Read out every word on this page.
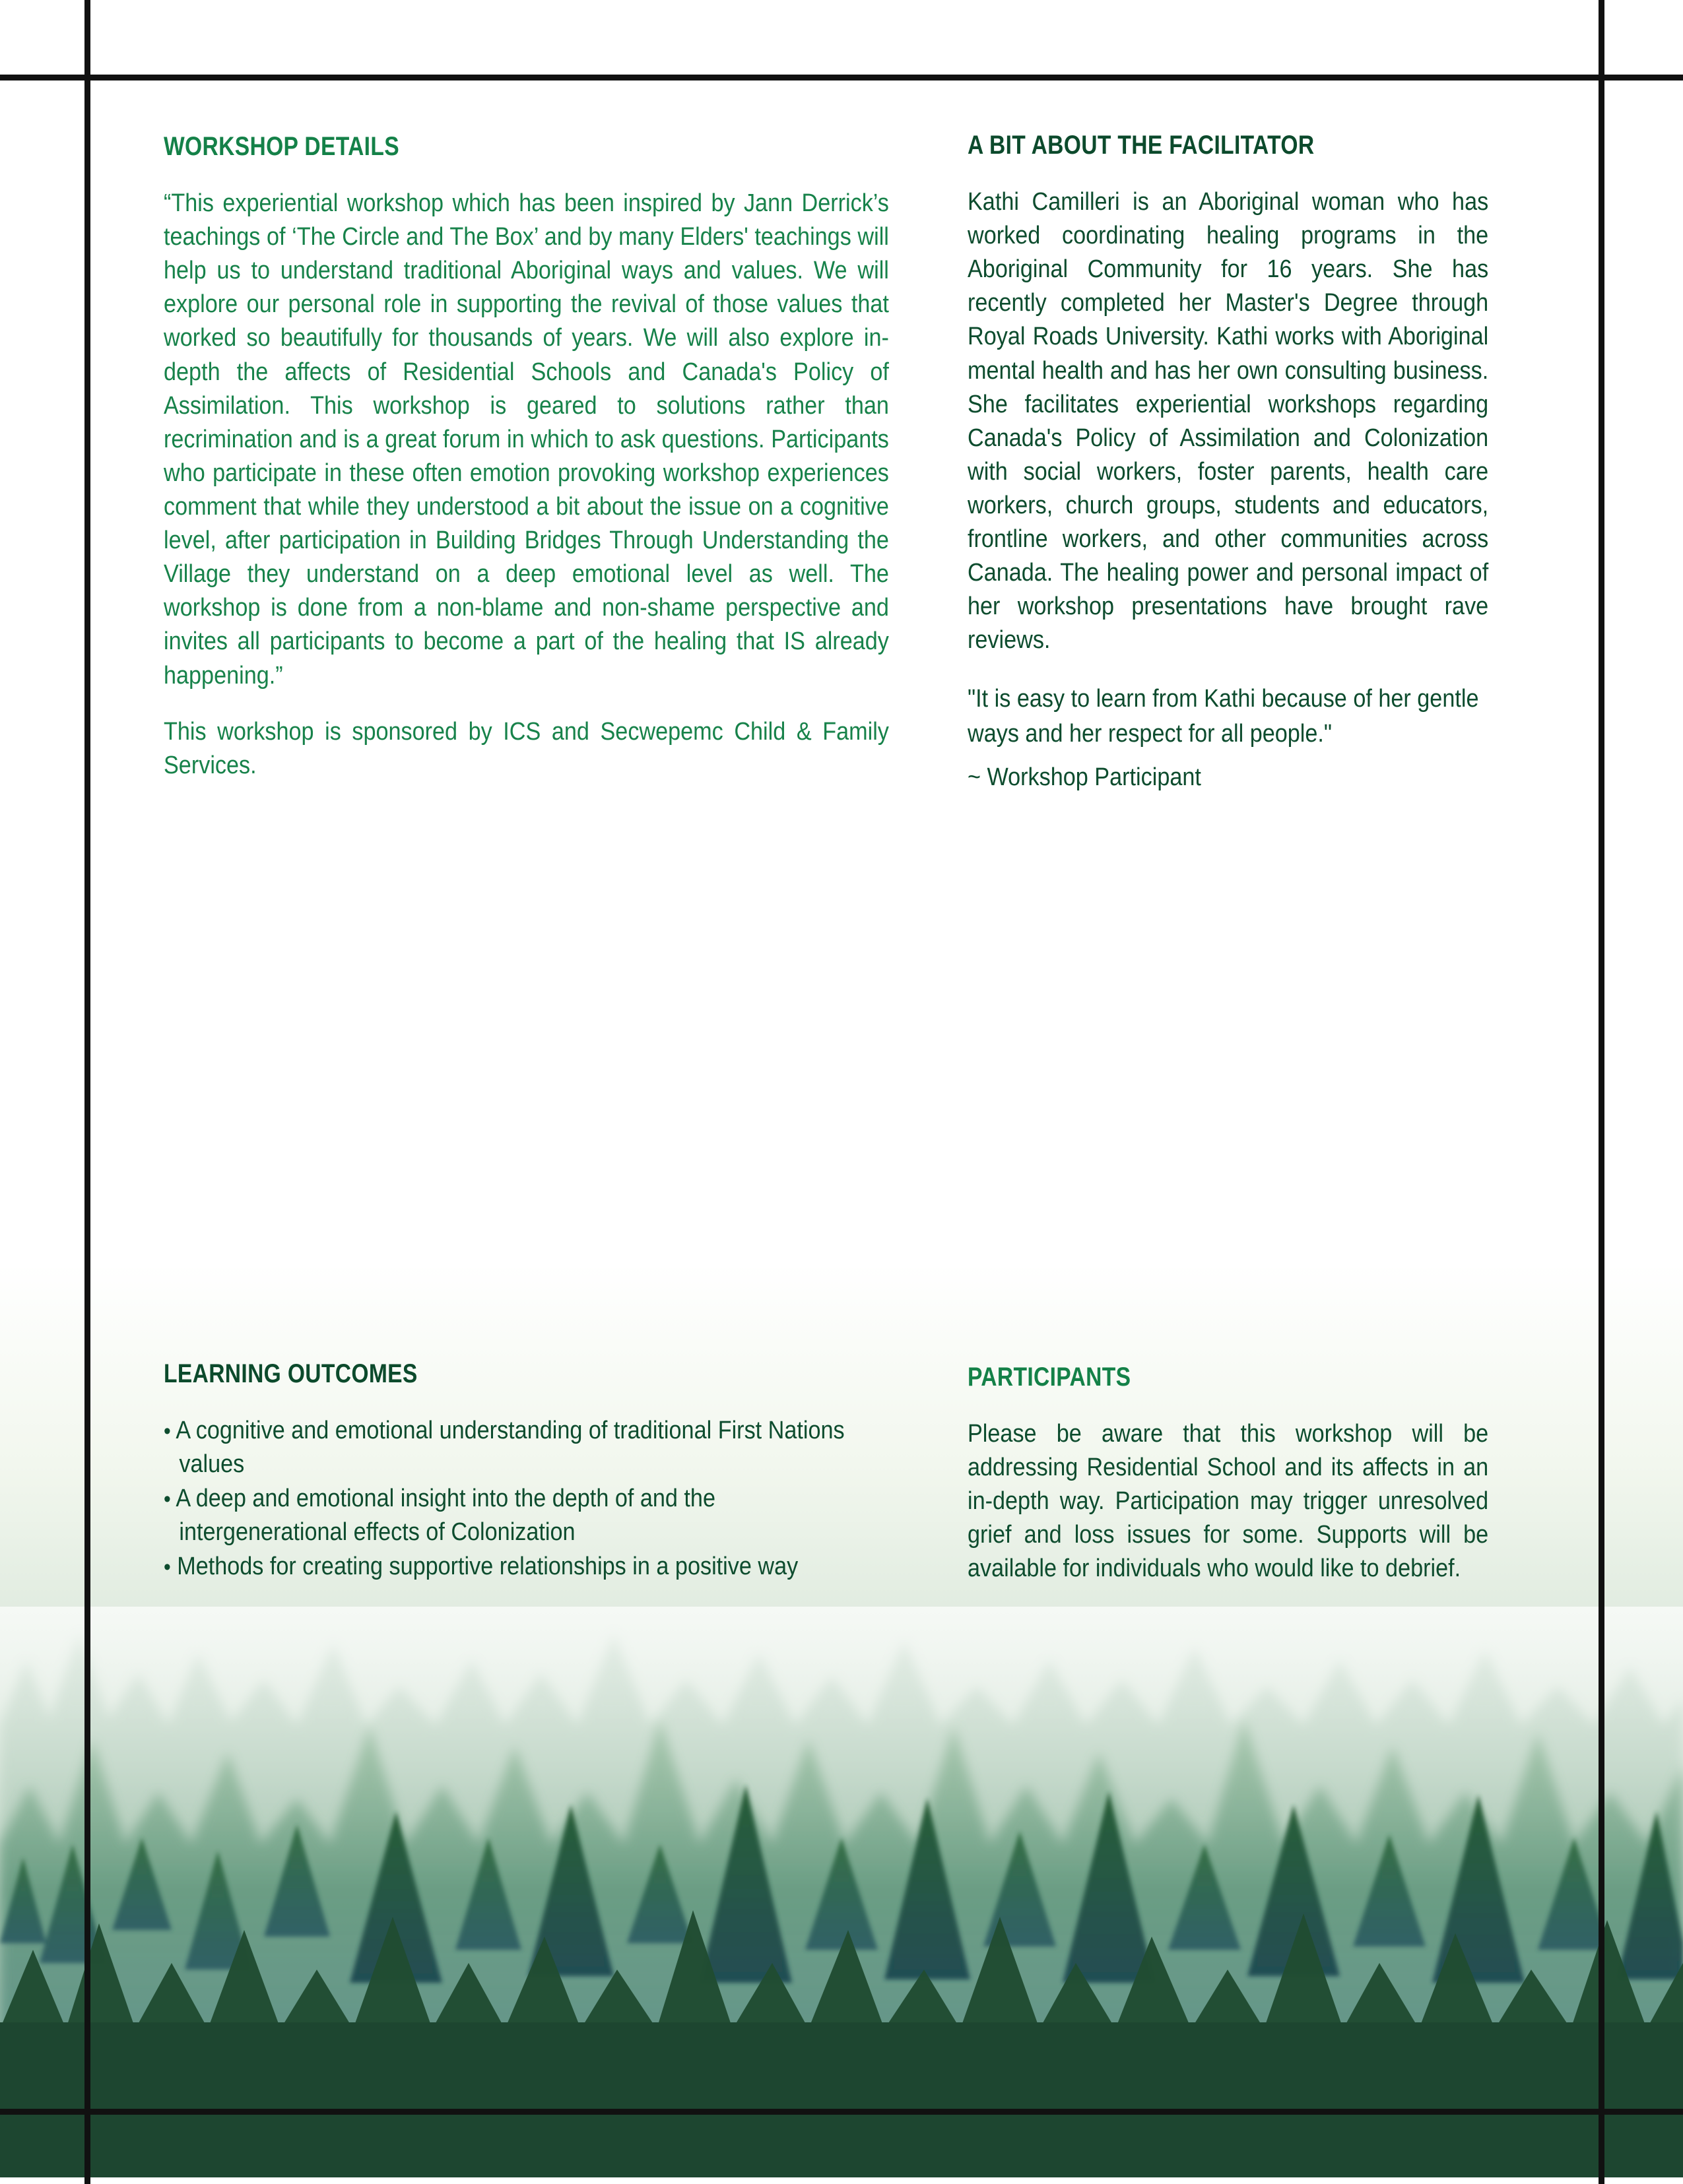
WORKSHOP DETAILS

“This experiential workshop which has been inspired by Jann Derrick’s teachings of ‘The Circle and The Box’ and by many Elders' teachings will help us to understand traditional Aboriginal ways and values. We will explore our personal role in supporting the revival of those values that worked so beautifully for thousands of years. We will also explore in-depth the affects of Residential Schools and Canada's Policy of Assimilation. This workshop is geared to solutions rather than recrimination and is a great forum in which to ask questions. Participants who participate in these often emotion provoking workshop experiences comment that while they understood a bit about the issue on a cognitive level, after participation in Building Bridges Through Understanding the Village they understand on a deep emotional level as well. The workshop is done from a non-blame and non-shame perspective and invites all participants to become a part of the healing that IS already happening.”

This workshop is sponsored by ICS and Secwepemc Child & Family Services.

A BIT ABOUT THE FACILITATOR

Kathi Camilleri is an Aboriginal woman who has worked coordinating healing programs in the Aboriginal Community for 16 years. She has recently completed her Master's Degree through Royal Roads University. Kathi works with Aboriginal mental health and has her own consulting business. She facilitates experiential workshops regarding Canada's Policy of Assimilation and Colonization with social workers, foster parents, health care workers, church groups, students and educators, frontline workers, and other communities across Canada. The healing power and personal impact of her workshop presentations have brought rave reviews.

"It is easy to learn from Kathi because of her gentle ways and her respect for all people."

~ Workshop Participant

LEARNING OUTCOMES
• A cognitive and emotional understanding of traditional First Nations values
• A deep and emotional insight into the depth of and the intergenerational effects of Colonization
• Methods for creating supportive relationships in a positive way
PARTICIPANTS

Please be aware that this workshop will be addressing Residential School and its affects in an in-depth way. Participation may trigger unresolved grief and loss issues for some. Supports will be available for individuals who would like to debrief.
